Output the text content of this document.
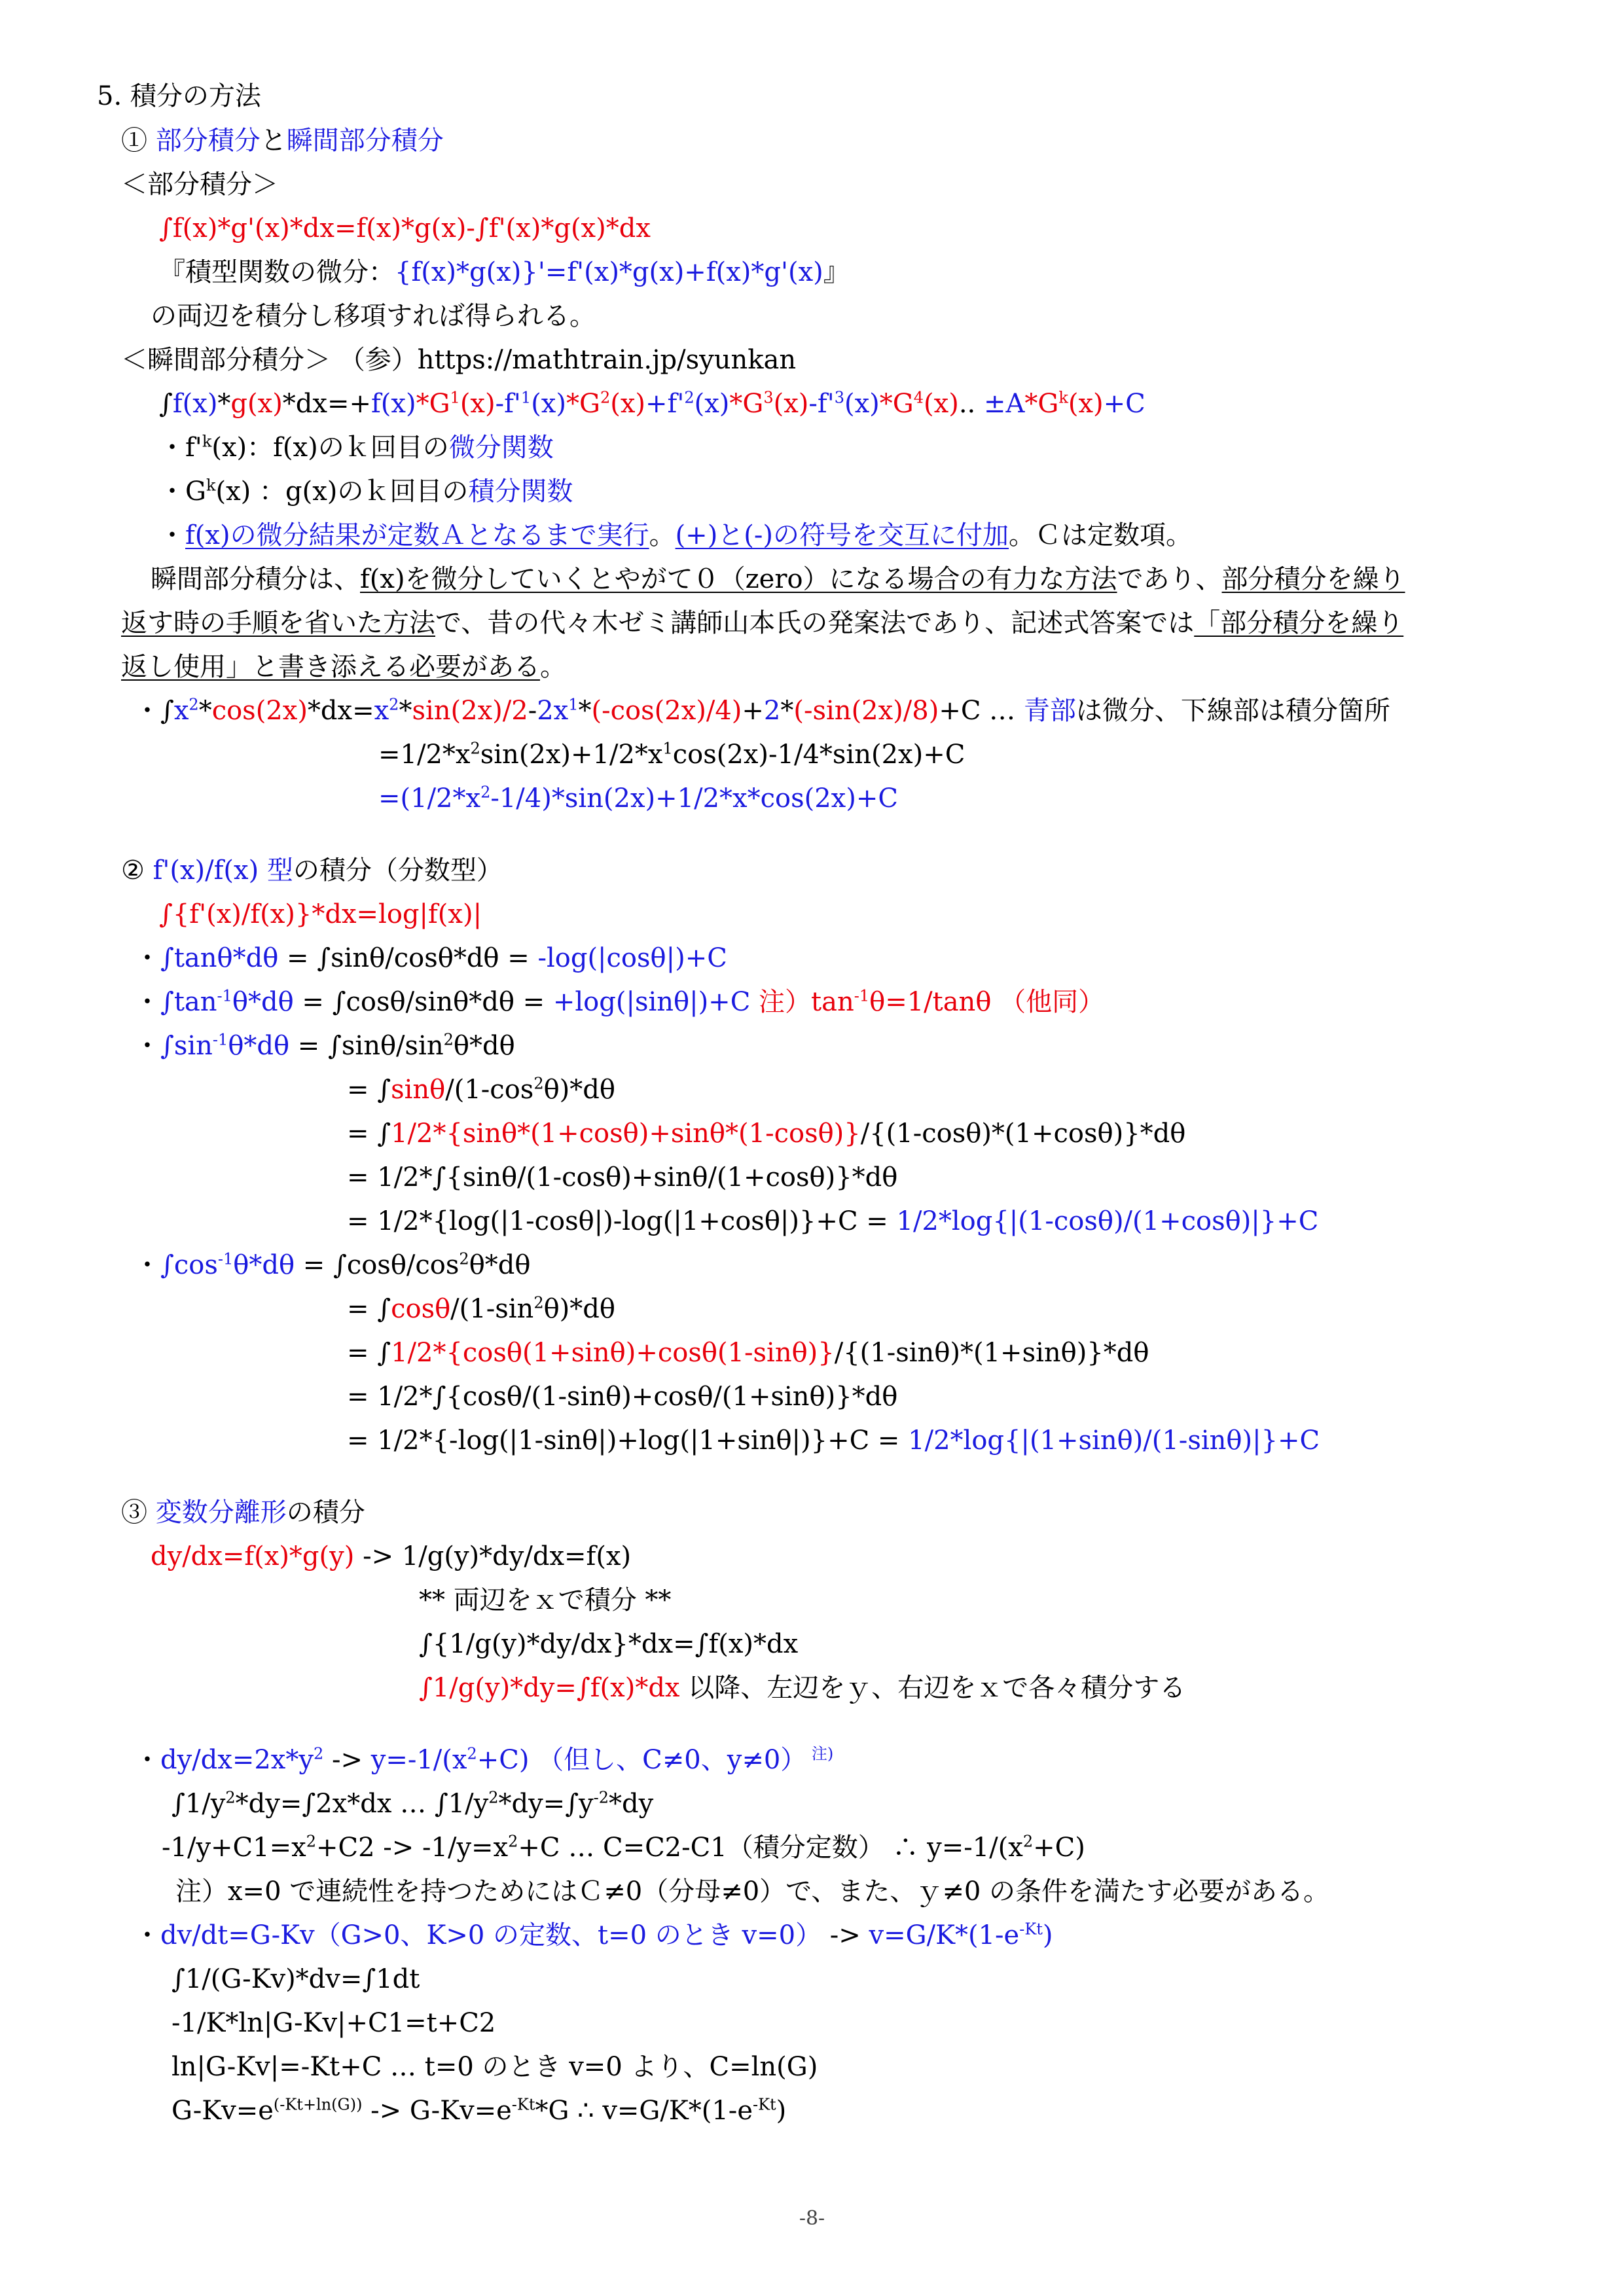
5. 積分の方法
① 部分積分と瞬間部分積分
＜部分積分＞
∫f(x)*g'(x)*dx=f(x)*g(x)-∫f'(x)*g(x)*dx
『積型関数の微分：{f(x)*g(x)}'=f'(x)*g(x)+f(x)*g'(x)』
の両辺を積分し移項すれば得られる。
＜瞬間部分積分＞ （参）https://mathtrain.jp/syunkan
$\int f(x)*g(x)*dx=+f(x)*G^1(x)-f'^1(x)*G^2(x)+f'^2(x)*G^3(x)-f'^3(x)*G^4(x)$.. $\pm A*G^k(x)+C$
・$f'^k(x)$：f(x)のｋ回目の微分関数
・$G^k(x)$ ：g(x)のｋ回目の積分関数
・f(x)の微分結果が定数Ａとなるまで実行。(+)と(-)の符号を交互に付加。Ｃは定数項。
瞬間部分積分は、f(x)を微分していくとやがて０（zero）になる場合の有力な方法であり、部分積分を繰り
返す時の手順を省いた方法で、昔の代々木ゼミ講師山本氏の発案法であり、記述式答案では「部分積分を繰り
返し使用」と書き添える必要がある。
・$\int x^2*\cos(2x)*dx=x^2*\sin(2x)/2-2x^1*(-\cos(2x)/4)+2*(-\sin(2x)/8)+C$ … 青部は微分、下線部は積分箇所
$=1/2*x^2\sin(2x)+1/2*x^1\cos(2x)-1/4*\sin(2x)+C$
$=(1/2*x^2-1/4)*\sin(2x)+1/2*x*\cos(2x)+C$
② f'(x)/f(x) 型の積分（分数型）
∫{f'(x)/f(x)}*dx=log|f(x)|
・∫tanθ*dθ = ∫sinθ/cosθ*dθ = -log(|cosθ|)+C
・$\int\tan^{-1}\theta*d\theta = \int\cos\theta/\sin\theta*d\theta = +\log(|\sin\theta|)+C$ 注）$\tan^{-1}\theta=1$/tanθ （他同）
・$\int\sin^{-1}\theta*d\theta = \int\sin\theta/\sin^2\theta*d\theta$
= $\int\sin\theta/(1-\cos^2\theta)*d\theta$
= ∫1/2*{sinθ*(1+cosθ)+sinθ*(1-cosθ)}/{(1-cosθ)*(1+cosθ)}*dθ
= 1/2*∫{sinθ/(1-cosθ)+sinθ/(1+cosθ)}*dθ
= 1/2*{log(|1-cosθ|)-log(|1+cosθ|)}+C = 1/2*log{|(1-cosθ)/(1+cosθ)|}+C
・$\int\cos^{-1}\theta*d\theta = \int\cos\theta/\cos^2\theta*d\theta$
= $\int\cos\theta/(1-\sin^2\theta)*d\theta$
= ∫1/2*{cosθ(1+sinθ)+cosθ(1-sinθ)}/{(1-sinθ)*(1+sinθ)}*dθ
= 1/2*∫{cosθ/(1-sinθ)+cosθ/(1+sinθ)}*dθ
= 1/2*{-log(|1-sinθ|)+log(|1+sinθ|)}+C = 1/2*log{|(1+sinθ)/(1-sinθ)|}+C
③ 変数分離形の積分
dy/dx=f(x)*g(y) -> 1/g(y)*dy/dx=f(x)
** 両辺をｘで積分 **
∫{1/g(y)*dy/dx}*dx=∫f(x)*dx
∫1/g(y)*dy=∫f(x)*dx 以降、左辺をｙ、右辺をｘで各々積分する
・$dy/dx=2x*y^2 -> y=-1/(x^2+C)$ （但し、C≠0、y≠0） $^{注)}$
$\int 1/y^2*dy=\int 2x*dx$ … $\int 1/y^2*dy=\int y^{-2}*dy$
$-1/y+C1=x^2+C2 -> -1/y=x^2+C$ … C=C2-C1（積分定数） ∴ $y=-1/(x^2+C)$
注）x=0 で連続性を持つためにはＣ≠0（分母≠0）で、また、ｙ≠0 の条件を満たす必要がある。
・dv/dt=G-Kv（G>0、K>0 の定数、t=0 のとき $v=0) -> v=G/K*(1-e^{-Kt})$
∫1/(G-Kv)*dv=∫1dt
-1/K*ln|G-Kv|+C1=t+C2
ln|G-Kv|=-Kt+C … t=0 のとき v=0 より、C=ln(G)
$G-Kv=e^{(-Kt+ln(G))} -> G-Kv=e^{-Kt}*G$ ∴ $v=G/K*(1-e^{-Kt})$
-8-
